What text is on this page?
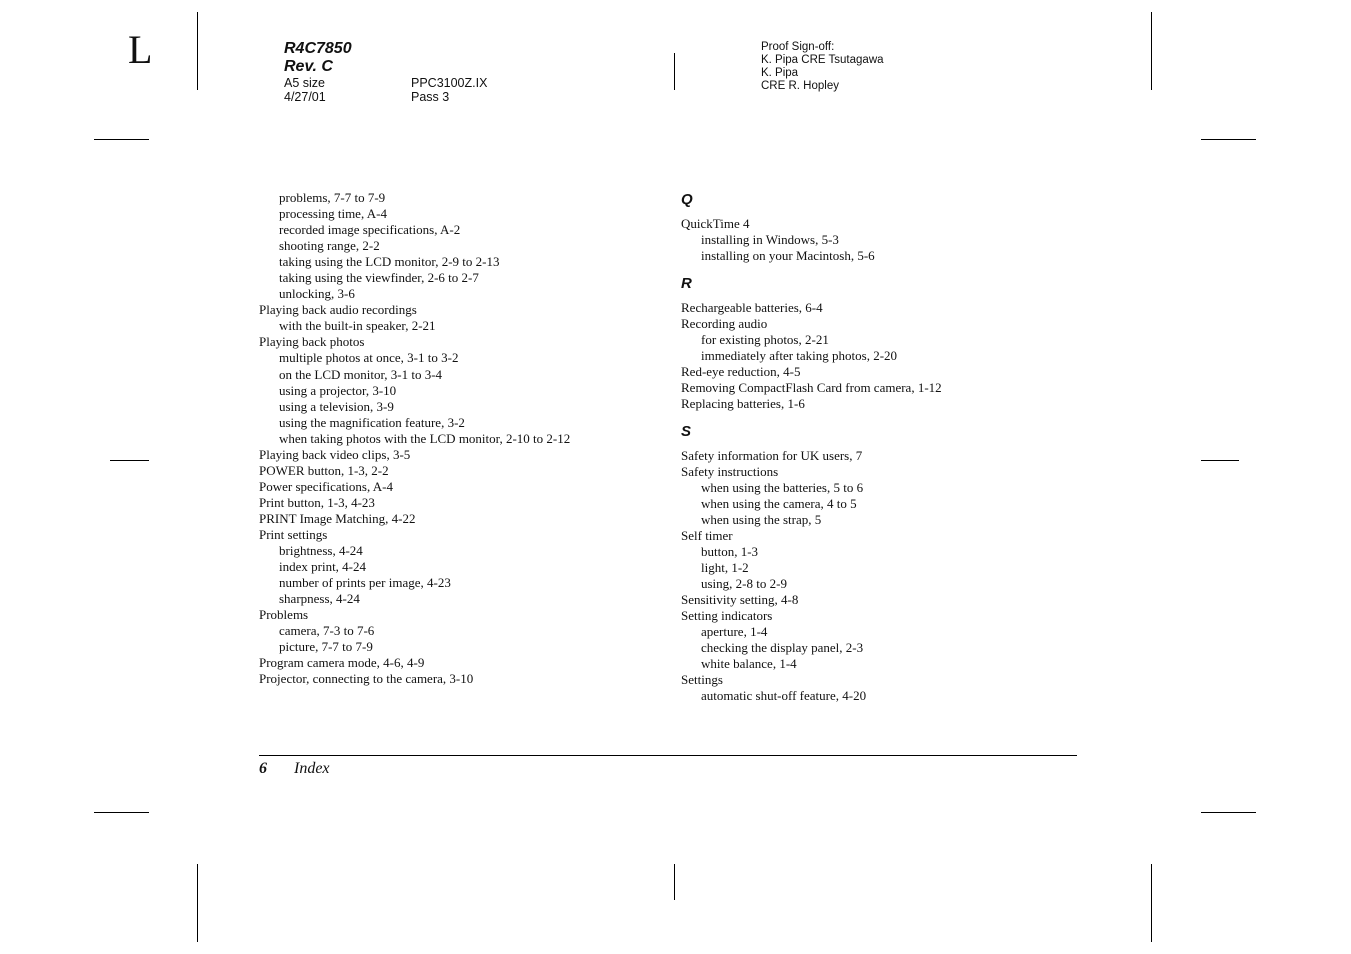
L	R4C7850
Rev. C
A5 size	PPC3100Z.IX
4/27/01	Pass 3
Proof Sign-off:
K. Pipa CRE Tsutagawa
K. Pipa
CRE R. Hopley
problems, 7-7 to 7-9
processing time, A-4
recorded image specifications, A-2
shooting range, 2-2
taking using the LCD monitor, 2-9 to 2-13
taking using the viewfinder, 2-6 to 2-7
unlocking, 3-6
Playing back audio recordings
with the built-in speaker, 2-21
Playing back photos
multiple photos at once, 3-1 to 3-2
on the LCD monitor, 3-1 to 3-4
using a projector, 3-10
using a television, 3-9
using the magnification feature, 3-2
when taking photos with the LCD monitor, 2-10 to 2-12
Playing back video clips, 3-5
POWER button, 1-3, 2-2
Power specifications, A-4
Print button, 1-3, 4-23
PRINT Image Matching, 4-22
Print settings
brightness, 4-24
index print, 4-24
number of prints per image, 4-23
sharpness, 4-24
Problems
camera, 7-3 to 7-6
picture, 7-7 to 7-9
Program camera mode, 4-6, 4-9
Projector, connecting to the camera, 3-10
Q
QuickTime 4
installing in Windows, 5-3
installing on your Macintosh, 5-6
R
Rechargeable batteries, 6-4
Recording audio
for existing photos, 2-21
immediately after taking photos, 2-20
Red-eye reduction, 4-5
Removing CompactFlash Card from camera, 1-12
Replacing batteries, 1-6
S
Safety information for UK users, 7
Safety instructions
when using the batteries, 5 to 6
when using the camera, 4 to 5
when using the strap, 5
Self timer
button, 1-3
light, 1-2
using, 2-8 to 2-9
Sensitivity setting, 4-8
Setting indicators
aperture, 1-4
checking the display panel, 2-3
white balance, 1-4
Settings
automatic shut-off feature, 4-20
6 Index
